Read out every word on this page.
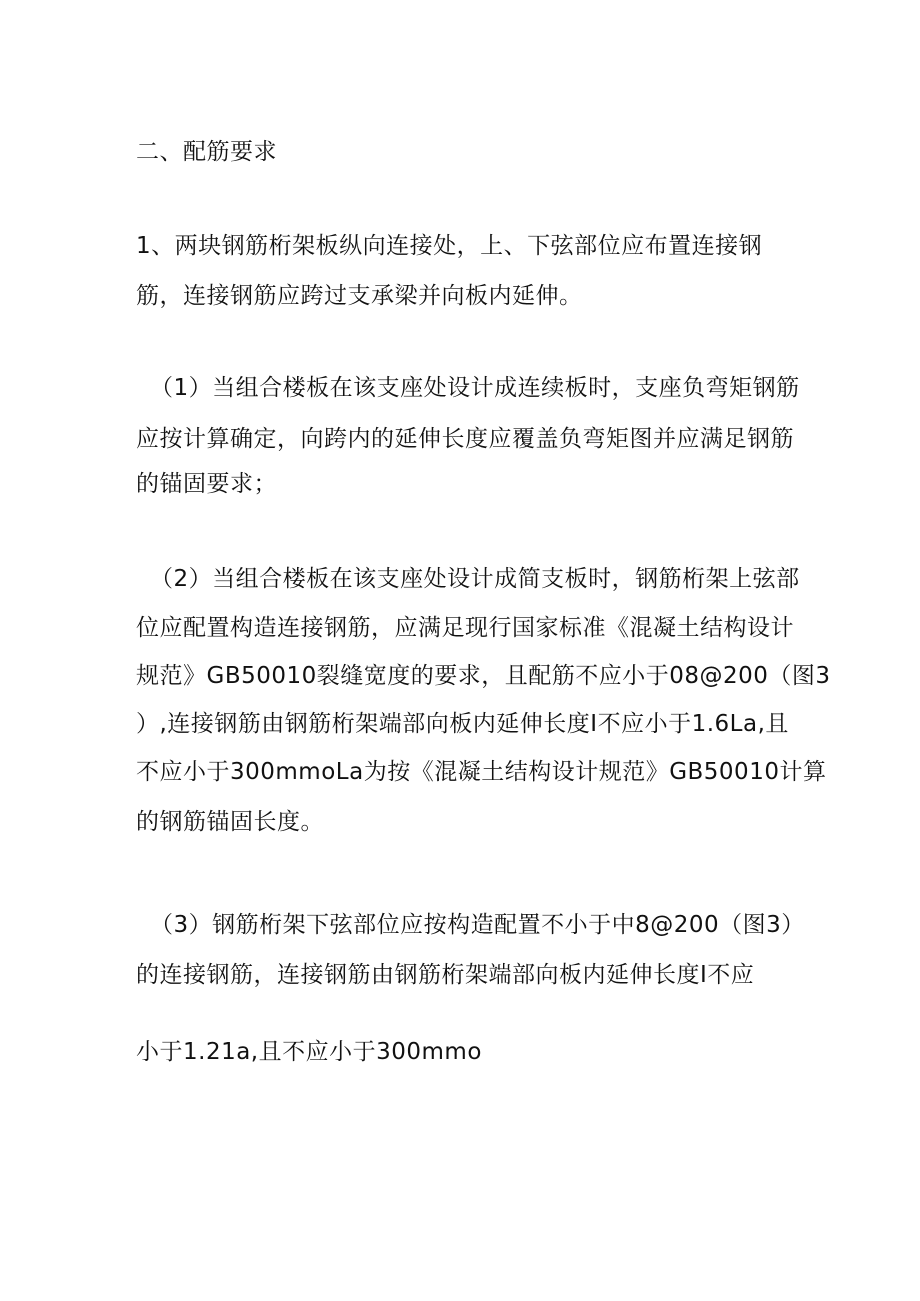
二、配筋要求
1、两块钢筋桁架板纵向连接处，上、下弦部位应布置连接钢
筋，连接钢筋应跨过支承梁并向板内延伸。
（1）当组合楼板在该支座处设计成连续板时，支座负弯矩钢筋
应按计算确定，向跨内的延伸长度应覆盖负弯矩图并应满足钢筋
的锚固要求；
（2）当组合楼板在该支座处设计成简支板时，钢筋桁架上弦部
位应配置构造连接钢筋，应满足现行国家标准《混凝土结构设计
规范》GB50010裂缝宽度的要求，且配筋不应小于08@200（图3
）,连接钢筋由钢筋桁架端部向板内延伸长度I不应小于1.6La,且
不应小于300mmoLa为按《混凝土结构设计规范》GB50010计算
的钢筋锚固长度。
（3）钢筋桁架下弦部位应按构造配置不小于中8@200（图3）
的连接钢筋，连接钢筋由钢筋桁架端部向板内延伸长度I不应
小于1.21a,且不应小于300mmo
